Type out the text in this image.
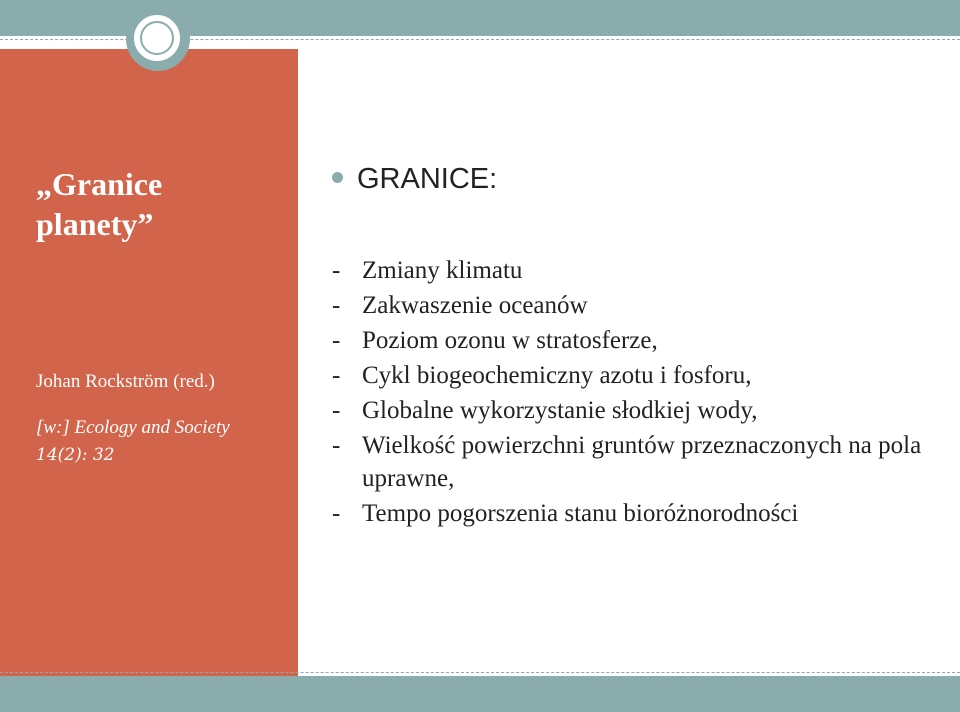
„Granice planety”
Johan Rockström (red.)
[w:] Ecology and Society 14(2): 32
GRANICE:
- Zmiany klimatu
- Zakwaszenie oceanów
- Poziom ozonu w stratosferze,
- Cykl biogeochemiczny azotu i fosforu,
- Globalne wykorzystanie słodkiej wody,
- Wielkość powierzchni gruntów przeznaczonych na pola uprawne,
- Tempo pogorszenia stanu bioróżnorodności
